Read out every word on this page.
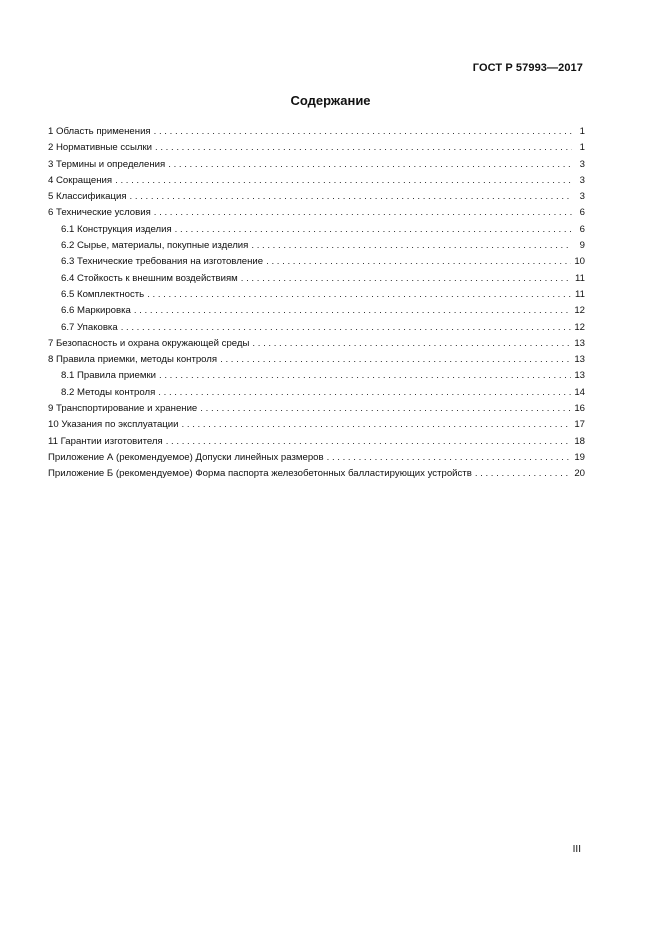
ГОСТ Р 57993—2017
Содержание
1 Область применения . . .	1
2 Нормативные ссылки . . .	1
3 Термины и определения . . .	3
4 Сокращения . . .	3
5 Классификация . . .	3
6 Технические условия . . .	6
6.1 Конструкция изделия . . .	6
6.2 Сырье, материалы, покупные изделия . . .	9
6.3 Технические требования на изготовление . . .	10
6.4 Стойкость к внешним воздействиям . . .	11
6.5 Комплектность . . .	11
6.6 Маркировка . . .	12
6.7 Упаковка . . .	12
7 Безопасность и охрана окружающей среды . . .	13
8 Правила приемки, методы контроля . . .	13
8.1 Правила приемки . . .	13
8.2 Методы контроля . . .	14
9 Транспортирование и хранение . . .	16
10 Указания по эксплуатации . . .	17
11 Гарантии изготовителя . . .	18
Приложение А (рекомендуемое) Допуски линейных размеров . . .	19
Приложение Б (рекомендуемое) Форма паспорта железобетонных балластирующих устройств . . .	20
III
